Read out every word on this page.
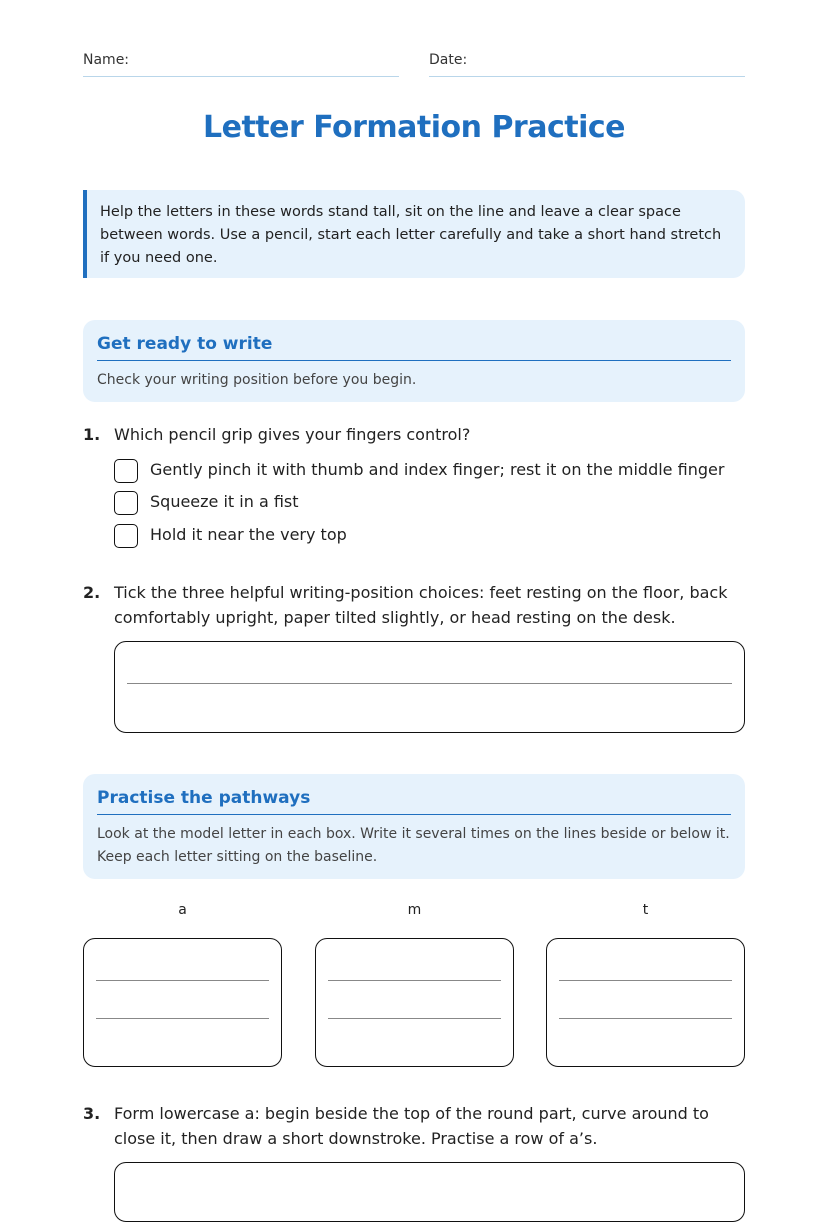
Name:	Date:
Letter Formation Practice
Help the letters in these words stand tall, sit on the line and leave a clear space between words. Use a pencil, start each letter carefully and take a short hand stretch if you need one.
Get ready to write

Check your writing position before you begin.

1. Which pencil grip gives your fingers control?
Gently pinch it with thumb and index finger; rest it on the middle finger
Squeeze it in a fist
Hold it near the very top
2. Tick the three helpful writing-position choices: feet resting on the floor, back comfortably upright, paper tilted slightly, or head resting on the desk.
Practise the pathways

Look at the model letter in each box. Write it several times on the lines beside or below it. Keep each letter sitting on the baseline.

a	m	t
3. Form lowercase a: begin beside the top of the round part, curve around to close it, then draw a short downstroke. Practise a row of a’s.
